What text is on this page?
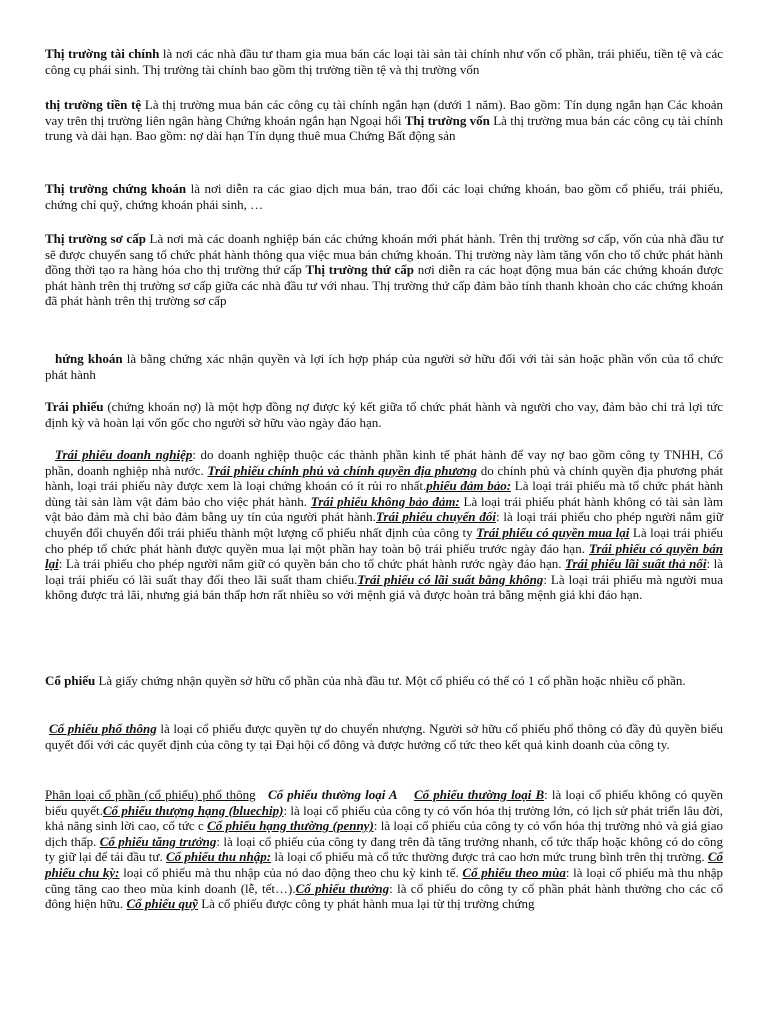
Thị trường tài chính là nơi các nhà đầu tư tham gia mua bán các loại tài sản tài chính như vốn cổ phần, trái phiếu, tiền tệ và các công cụ phái sinh. Thị trường tài chính bao gồm thị trường tiền tệ và thị trường vốn

thị trường tiền tệ Là thị trường mua bán các công cụ tài chính ngắn hạn (dưới 1 năm). Bao gồm: Tín dụng ngắn hạn Các khoản vay trên thị trường liên ngân hàng Chứng khoán ngắn hạn Ngoại hối Thị trường vốn Là thị trường mua bán các công cụ tài chính trung và dài hạn. Bao gồm: nợ dài hạn Tín dụng thuê mua Chứng Bất động sản

Thị trường chứng khoán là nơi diễn ra các giao dịch mua bán, trao đổi các loại chứng khoán, bao gồm cổ phiếu, trái phiếu, chứng chỉ quỹ, chứng khoán phái sinh, …

Thị trường sơ cấp Là nơi mà các doanh nghiệp bán các chứng khoán mới phát hành. Trên thị trường sơ cấp, vốn của nhà đầu tư sẽ được chuyển sang tổ chức phát hành thông qua việc mua bán chứng khoán. Thị trường này làm tăng vốn cho tổ chức phát hành đồng thời tạo ra hàng hóa cho thị trường thứ cấp Thị trường thứ cấp nơi diễn ra các hoạt động mua bán các chứng khoán được phát hành trên thị trường sơ cấp giữa các nhà đầu tư với nhau. Thị trường thứ cấp đảm bảo tính thanh khoản cho các chứng khoán đã phát hành trên thị trường sơ cấp

hứng khoán là bằng chứng xác nhận quyền và lợi ích hợp pháp của người sở hữu đối với tài sản hoặc phần vốn của tổ chức phát hành

Trái phiếu (chứng khoán nợ) là một hợp đồng nợ được ký kết giữa tổ chức phát hành và người cho vay, đảm bảo chi trả lợi tức định kỳ và hoàn lại vốn gốc cho người sở hữu vào ngày đáo hạn.

Trái phiếu doanh nghiệp: do doanh nghiệp thuộc các thành phần kinh tế phát hành để vay nợ bao gồm công ty TNHH, Cổ phần, doanh nghiệp nhà nước. Trái phiếu chính phủ và chính quyền địa phương do chính phủ và chính quyền địa phương phát hành, loại trái phiếu này được xem là loại chứng khoán có ít rủi ro nhất.phiếu đảm bảo: Là loại trái phiếu mà tổ chức phát hành dùng tài sản làm vật đảm bảo cho việc phát hành. Trái phiếu không bảo đảm: Là loại trái phiếu phát hành không có tài sản làm vật bảo đảm mà chỉ bảo đảm bằng uy tín của người phát hành.Trái phiếu chuyển đổi: là loại trái phiếu cho phép người nắm giữ chuyển đổi chuyển đổi trái phiếu thành một lượng cổ phiếu nhất định của công ty Trái phiếu có quyền mua lại Là loại trái phiếu cho phép tổ chức phát hành được quyền mua lại một phần hay toàn bộ trái phiếu trước ngày đáo hạn. Trái phiếu có quyền bán lại: Là trái phiếu cho phép người nắm giữ có quyền bán cho tổ chức phát hành rước ngày đáo hạn. Trái phiếu lãi suất thả nổi: là loại trái phiếu có lãi suất thay đổi theo lãi suất tham chiếu.Trái phiếu có lãi suất bằng không: Là loại trái phiếu mà người mua không được trả lãi, nhưng giá bán thấp hơn rất nhiều so với mệnh giá và được hoàn trả bằng mệnh giá khi đáo hạn.

Cổ phiếu Là giấy chứng nhận quyền sở hữu cổ phần của nhà đầu tư. Một cổ phiếu có thể có 1 cổ phần hoặc nhiều cổ phần.

Cổ phiếu phổ thông là loại cổ phiếu được quyền tự do chuyển nhượng. Người sở hữu cổ phiếu phổ thông có đầy đủ quyền biểu quyết đối với các quyết định của công ty tại Đại hội cổ đông và được hưởng cổ tức theo kết quả kinh doanh của công ty.

Phân loại cổ phần (cổ phiếu) phổ thông Cổ phiếu thường loại A Cổ phiếu thường loại B: là loại cổ phiếu không có quyền biểu quyết.Cổ phiếu thượng hạng (bluechip): là loại cổ phiếu của công ty có vốn hóa thị trường lớn, có lịch sử phát triển lâu đời, khả năng sinh lời cao, cổ tức c Cổ phiếu hạng thường (penny): là loại cổ phiếu của công ty có vốn hóa thị trường nhỏ và giá giao dịch thấp. Cổ phiếu tăng trưởng: là loại cổ phiếu của công ty đang trên đà tăng trưởng nhanh, cổ tức thấp hoặc không có do công ty giữ lại để tái đầu tư. Cổ phiếu thu nhập: là loại cổ phiếu mà cổ tức thường được trả cao hơn mức trung bình trên thị trường. Cổ phiếu chu kỳ: loại cổ phiếu mà thu nhập của nó dao động theo chu kỳ kinh tế. Cổ phiếu theo mùa: là loại cổ phiếu mà thu nhập cũng tăng cao theo mùa kinh doanh (lễ, tết…).Cổ phiếu thưởng: là cổ phiếu do công ty cổ phần phát hành thưởng cho các cổ đông hiện hữu. Cổ phiếu quỹ Là cổ phiếu được công ty phát hành mua lại từ thị trường chứng
